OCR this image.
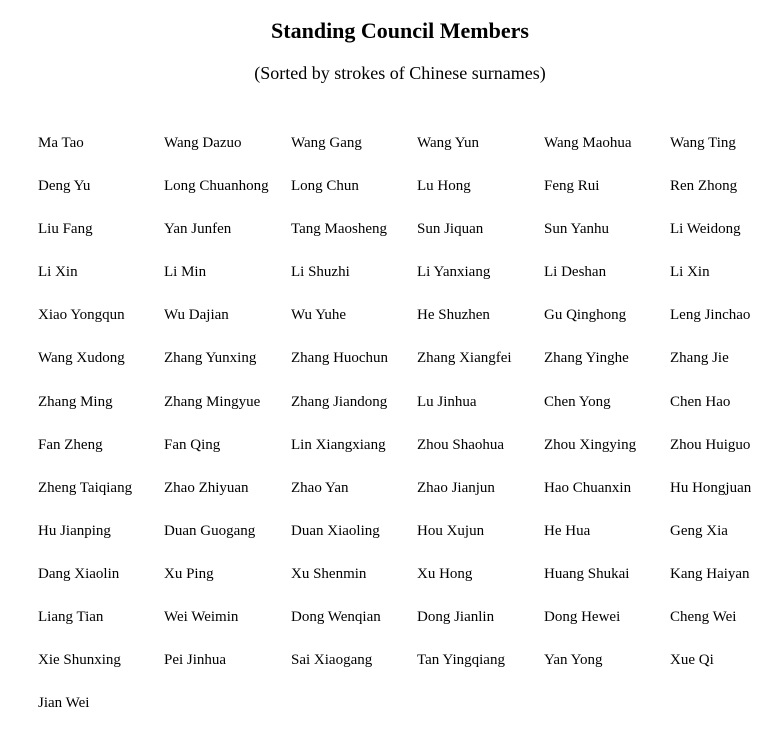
Standing Council Members
(Sorted by strokes of Chinese surnames)
Ma Tao	Wang Dazuo	Wang Gang	Wang Yun	Wang Maohua	Wang Ting
Deng Yu	Long Chuanhong	Long Chun	Lu Hong	Feng Rui	Ren Zhong
Liu Fang	Yan Junfen	Tang Maosheng	Sun Jiquan	Sun Yanhu	Li Weidong
Li Xin	Li Min	Li Shuzhi	Li Yanxiang	Li Deshan	Li Xin
Xiao Yongqun	Wu Dajian	Wu Yuhe	He Shuzhen	Gu Qinghong	Leng Jinchao
Wang Xudong	Zhang Yunxing	Zhang Huochun	Zhang Xiangfei	Zhang Yinghe	Zhang Jie
Zhang Ming	Zhang Mingyue	Zhang Jiandong	Lu Jinhua	Chen Yong	Chen Hao
Fan Zheng	Fan Qing	Lin Xiangxiang	Zhou Shaohua	Zhou Xingying	Zhou Huiguo
Zheng Taiqiang	Zhao Zhiyuan	Zhao Yan	Zhao Jianjun	Hao Chuanxin	Hu Hongjuan
Hu Jianping	Duan Guogang	Duan Xiaoling	Hou Xujun	He Hua	Geng Xia
Dang Xiaolin	Xu Ping	Xu Shenmin	Xu Hong	Huang Shukai	Kang Haiyan
Liang Tian	Wei Weimin	Dong Wenqian	Dong Jianlin	Dong Hewei	Cheng Wei
Xie Shunxing	Pei Jinhua	Sai Xiaogang	Tan Yingqiang	Yan Yong	Xue Qi
Jian Wei
